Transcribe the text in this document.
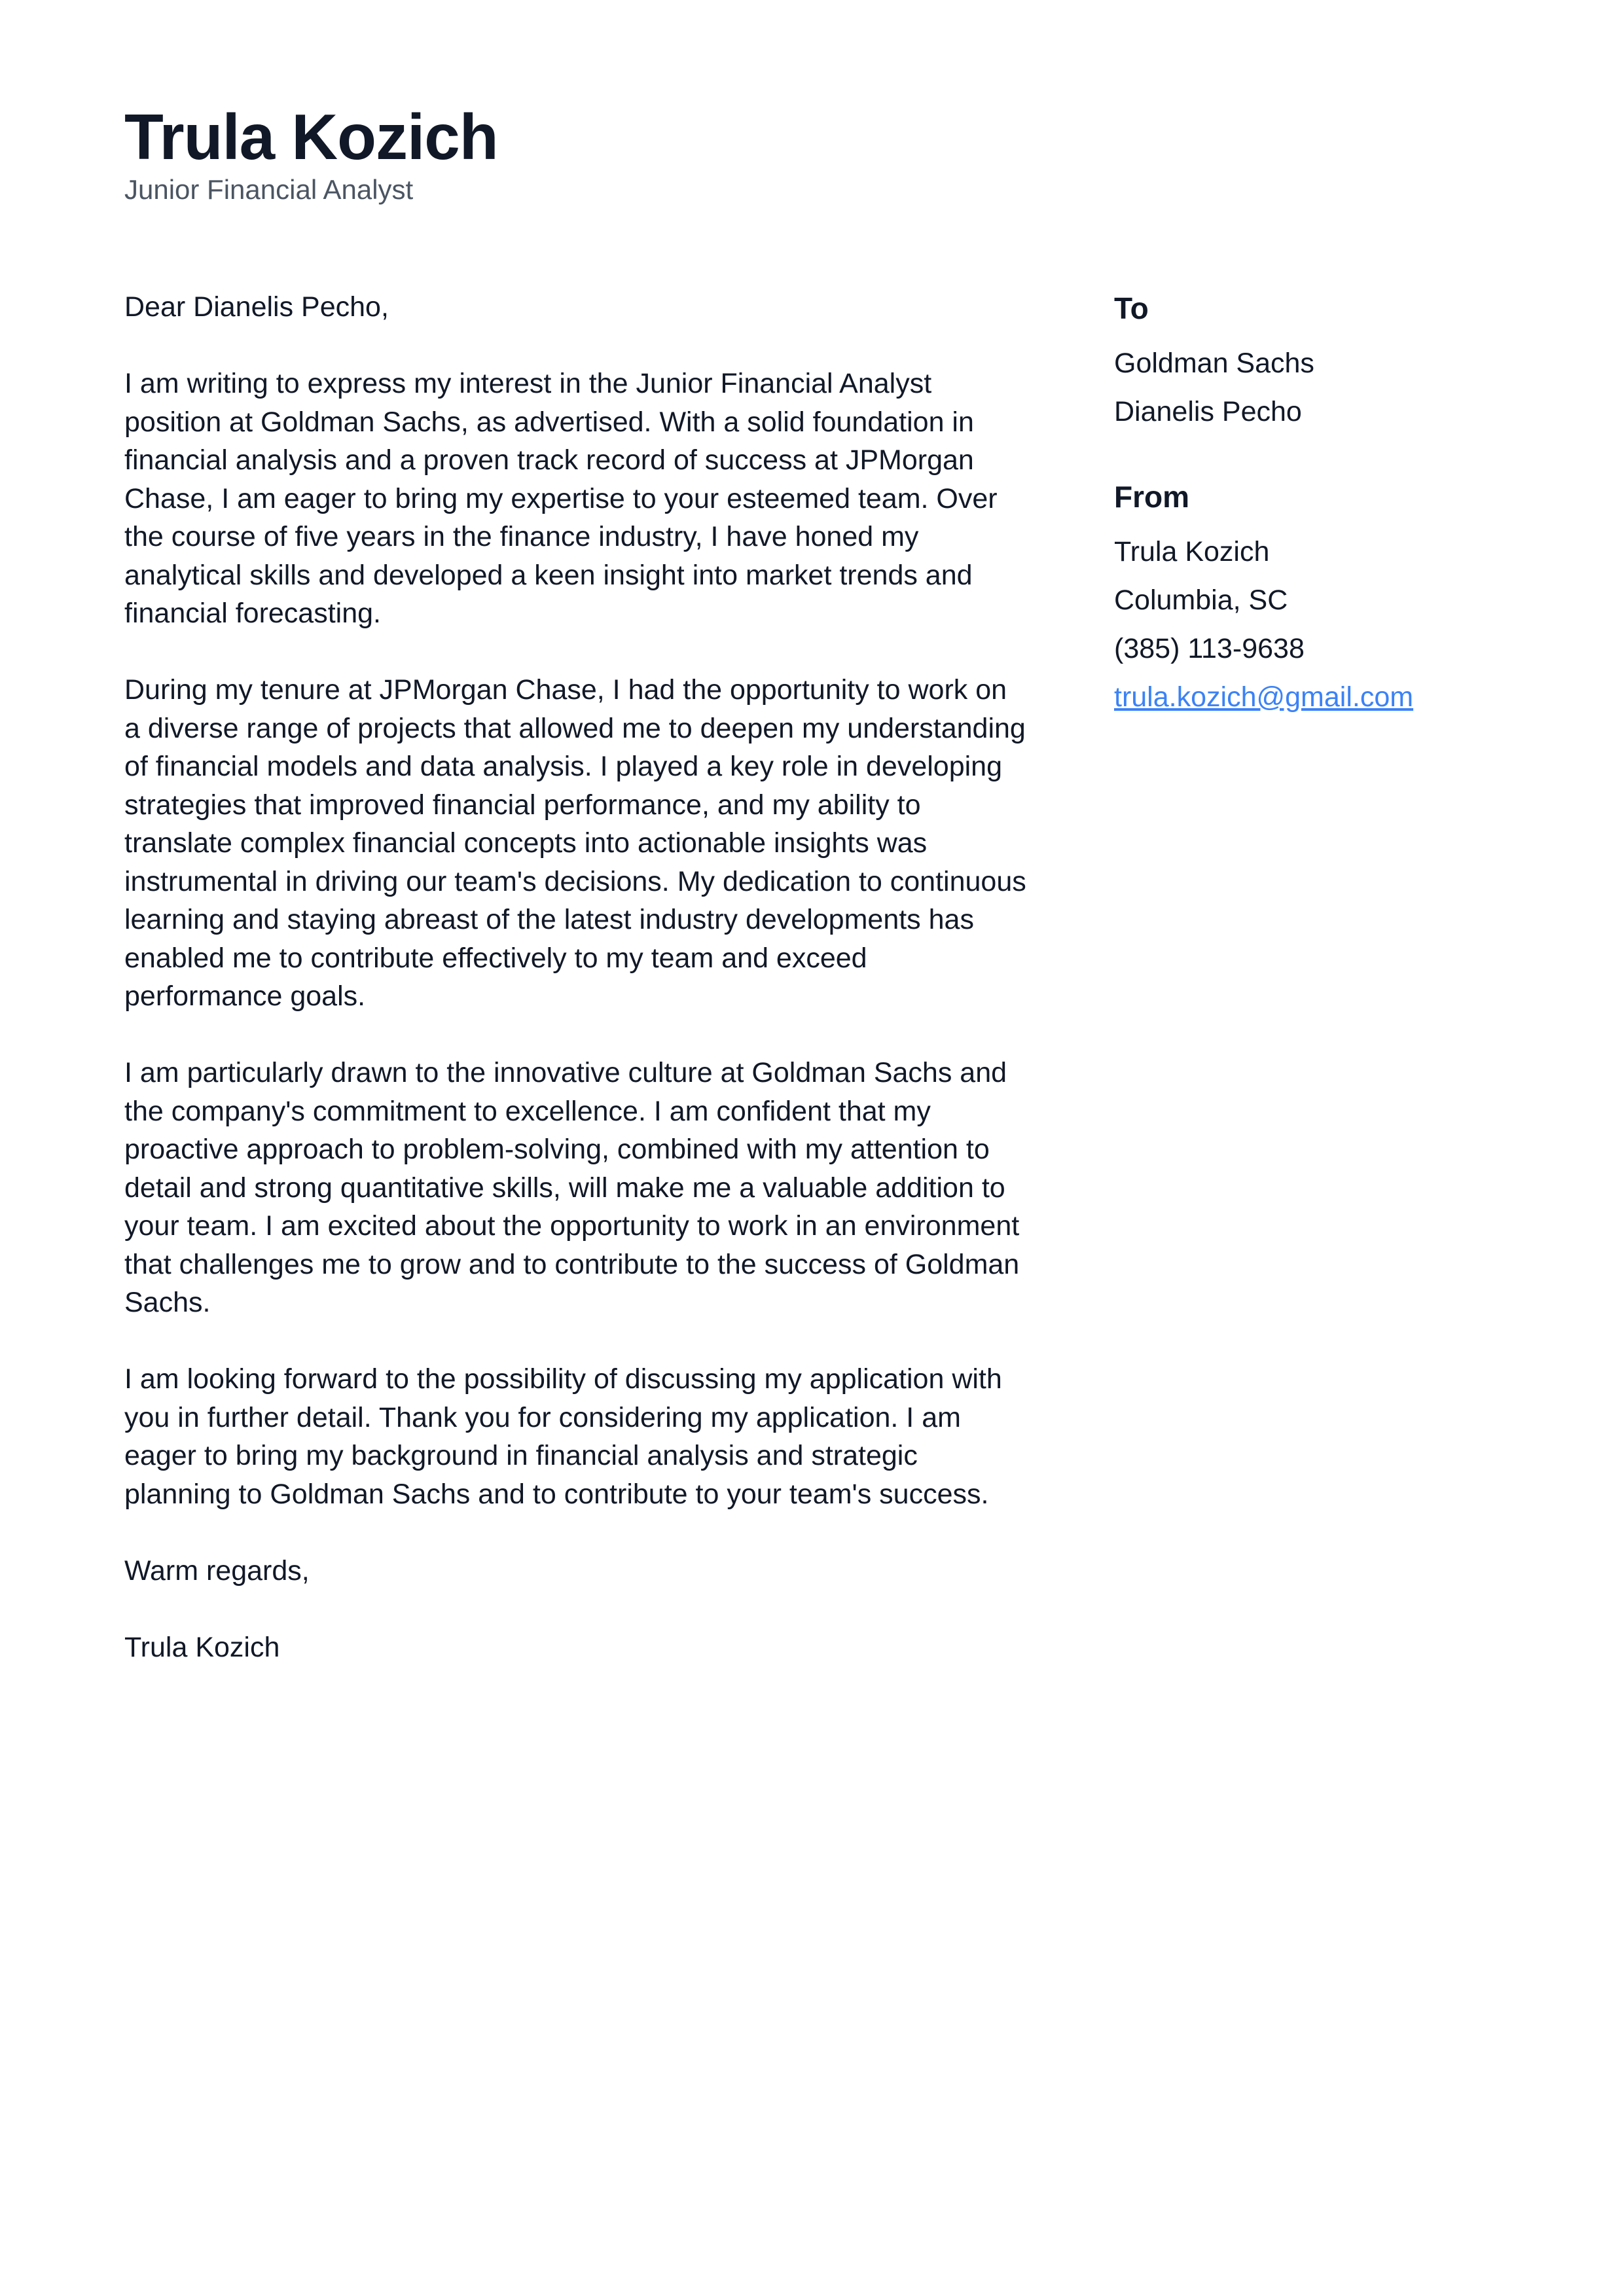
Trula Kozich
Junior Financial Analyst

Dear Dianelis Pecho,

I am writing to express my interest in the Junior Financial Analyst position at Goldman Sachs, as advertised. With a solid foundation in financial analysis and a proven track record of success at JPMorgan Chase, I am eager to bring my expertise to your esteemed team. Over the course of five years in the finance industry, I have honed my analytical skills and developed a keen insight into market trends and financial forecasting.

During my tenure at JPMorgan Chase, I had the opportunity to work on a diverse range of projects that allowed me to deepen my understanding of financial models and data analysis. I played a key role in developing strategies that improved financial performance, and my ability to translate complex financial concepts into actionable insights was instrumental in driving our team's decisions. My dedication to continuous learning and staying abreast of the latest industry developments has enabled me to contribute effectively to my team and exceed performance goals.

I am particularly drawn to the innovative culture at Goldman Sachs and the company's commitment to excellence. I am confident that my proactive approach to problem-solving, combined with my attention to detail and strong quantitative skills, will make me a valuable addition to your team. I am excited about the opportunity to work in an environment that challenges me to grow and to contribute to the success of Goldman Sachs.

I am looking forward to the possibility of discussing my application with you in further detail. Thank you for considering my application. I am eager to bring my background in financial analysis and strategic planning to Goldman Sachs and to contribute to your team's success.

Warm regards,

Trula Kozich

To
Goldman Sachs
Dianelis Pecho
From
Trula Kozich
Columbia, SC
(385) 113-9638
trula.kozich@gmail.com
